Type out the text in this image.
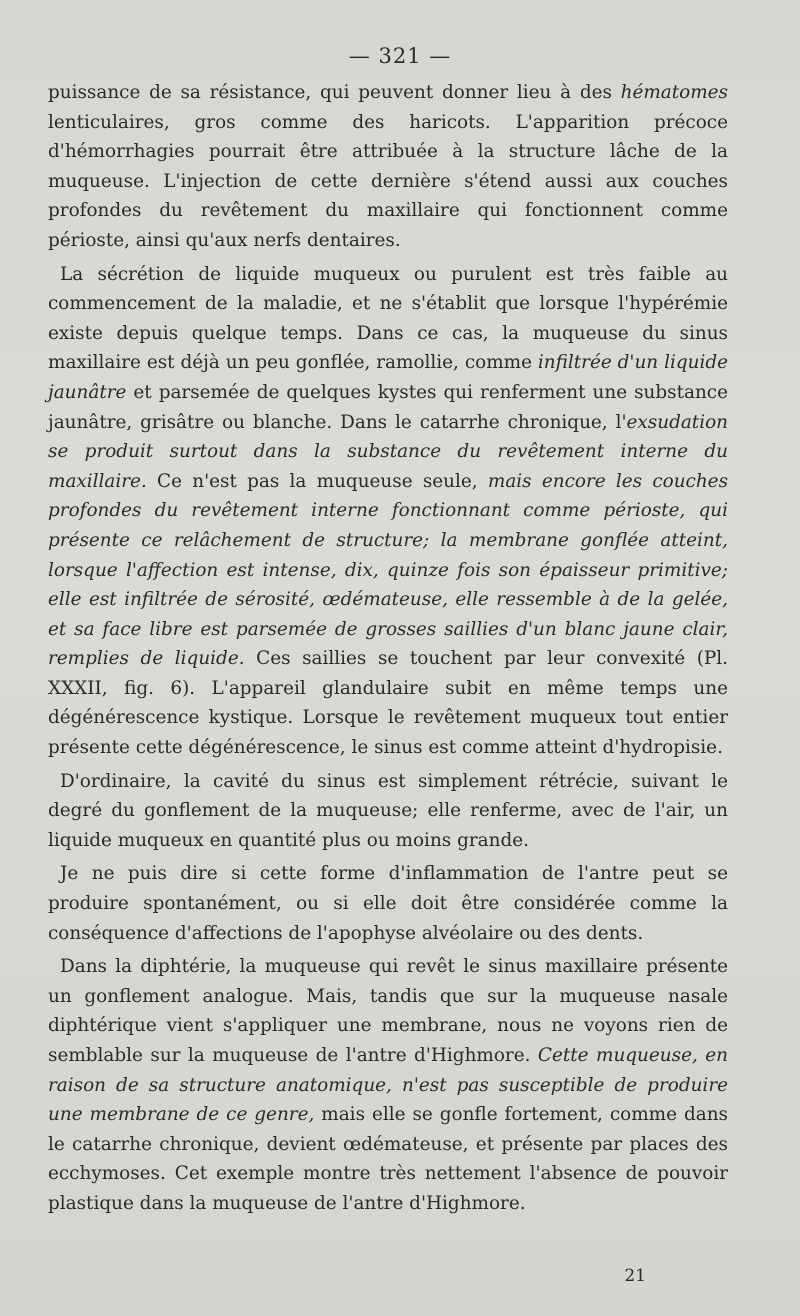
— 321 —

puissance de sa résistance, qui peuvent donner lieu à des hématomes lenticulaires, gros comme des haricots. L'apparition précoce d'hémorrhagies pourrait être attribuée à la structure lâche de la muqueuse. L'injection de cette dernière s'étend aussi aux couches profondes du revêtement du maxillaire qui fonctionnent comme périoste, ainsi qu'aux nerfs dentaires.

La sécrétion de liquide muqueux ou purulent est très faible au commencement de la maladie, et ne s'établit que lorsque l'hypérémie existe depuis quelque temps. Dans ce cas, la muqueuse du sinus maxillaire est déjà un peu gonflée, ramollie, comme infiltrée d'un liquide jaunâtre et parsemée de quelques kystes qui renferment une substance jaunâtre, grisâtre ou blanche. Dans le catarrhe chronique, l'exsudation se produit surtout dans la substance du revêtement interne du maxillaire. Ce n'est pas la muqueuse seule, mais encore les couches profondes du revêtement interne fonctionnant comme périoste, qui présente ce relâchement de structure; la membrane gonflée atteint, lorsque l'affection est intense, dix, quinze fois son épaisseur primitive; elle est infiltrée de sérosité, œdémateuse, elle ressemble à de la gelée, et sa face libre est parsemée de grosses saillies d'un blanc jaune clair, remplies de liquide. Ces saillies se touchent par leur convexité (Pl. XXXII, fig. 6). L'appareil glandulaire subit en même temps une dégénérescence kystique. Lorsque le revêtement muqueux tout entier présente cette dégénérescence, le sinus est comme atteint d'hydropisie.

D'ordinaire, la cavité du sinus est simplement rétrécie, suivant le degré du gonflement de la muqueuse; elle renferme, avec de l'air, un liquide muqueux en quantité plus ou moins grande.

Je ne puis dire si cette forme d'inflammation de l'antre peut se produire spontanément, ou si elle doit être considérée comme la conséquence d'affections de l'apophyse alvéolaire ou des dents.

Dans la diphtérie, la muqueuse qui revêt le sinus maxillaire présente un gonflement analogue. Mais, tandis que sur la muqueuse nasale diphtérique vient s'appliquer une membrane, nous ne voyons rien de semblable sur la muqueuse de l'antre d'Highmore. Cette muqueuse, en raison de sa structure anatomique, n'est pas susceptible de produire une membrane de ce genre, mais elle se gonfle fortement, comme dans le catarrhe chronique, devient œdémateuse, et présente par places des ecchymoses. Cet exemple montre très nettement l'absence de pouvoir plastique dans la muqueuse de l'antre d'Highmore.

21
